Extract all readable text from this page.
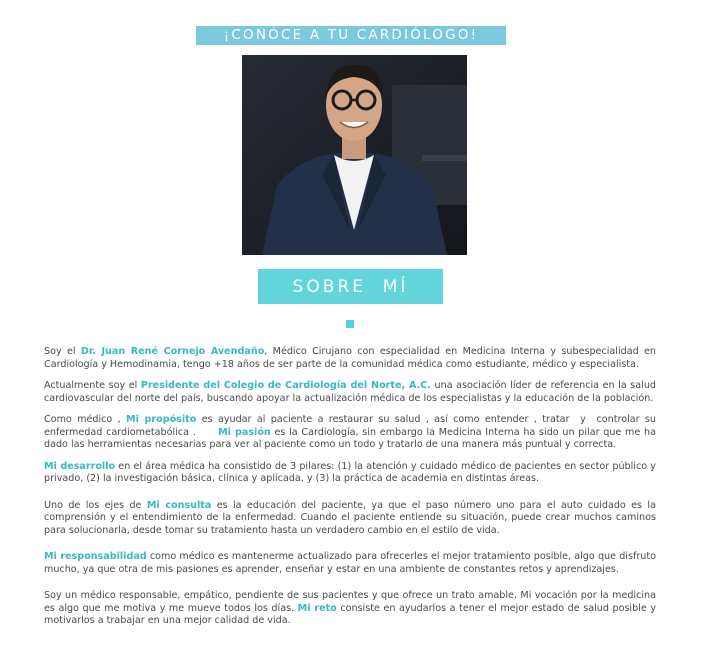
¡CONÓCE A TU CARDIÓLOGO!
SOBRE  MÍ

Soy el Dr. Juan René Cornejo Avendaño, Médico Cirujano con especialidad en Medicina Interna y subespecialidad en Cardiología y Hemodinamia, tengo +18 años de ser parte de la comunidad médica como estudiante, médico y especialista.

Actualmente soy el Presidente del Colegio de Cardiología del Norte, A.C. una asociación líder de referencia en la salud cardiovascular del norte del país, buscando apoyar la actualización médica de los especialistas y la educación de la población.

Como médico , Mi propósito es ayudar al paciente a restaurar su salud , así como entender , tratar  y  controlar su enfermedad cardiometabólica .      Mi pasión es la Cardiología, sin embargo la Medicina Interna ha sido un pilar que me ha dado las herramientas necesarias para ver al paciente como un todo y tratarlo de una manera más puntual y correcta.

Mi desarrollo en el área médica ha consistido de 3 pilares: (1) la atención y cuidado médico de pacientes en sector público y privado, (2) la investigación básica, clínica y aplicada, y (3) la práctica de academia en distintas áreas.

Uno de los ejes de Mi consulta es la educación del paciente, ya que el paso número uno para el auto cuidado es la comprensión y el entendimiento de la enfermedad. Cuando el paciente entiende su situación, puede crear muchos caminos para solucionarla, desde tomar su tratamiento hasta un verdadero cambio en el estilo de vida.

Mi responsabilidad como médico es mantenerme actualizado para ofrecerles el mejor tratamiento posible, algo que disfruto mucho, ya que otra de mis pasiones es aprender, enseñar y estar en una ambiente de constantes retos y aprendizajes.

Soy un médico responsable, empático, pendiente de sus pacientes y que ofrece un trato amable. Mi vocación por la medicina es algo que me motiva y me mueve todos los días. Mi reto consiste en ayudarlos a tener el mejor estado de salud posible y motivarlos a trabajar en una mejor calidad de vida.
